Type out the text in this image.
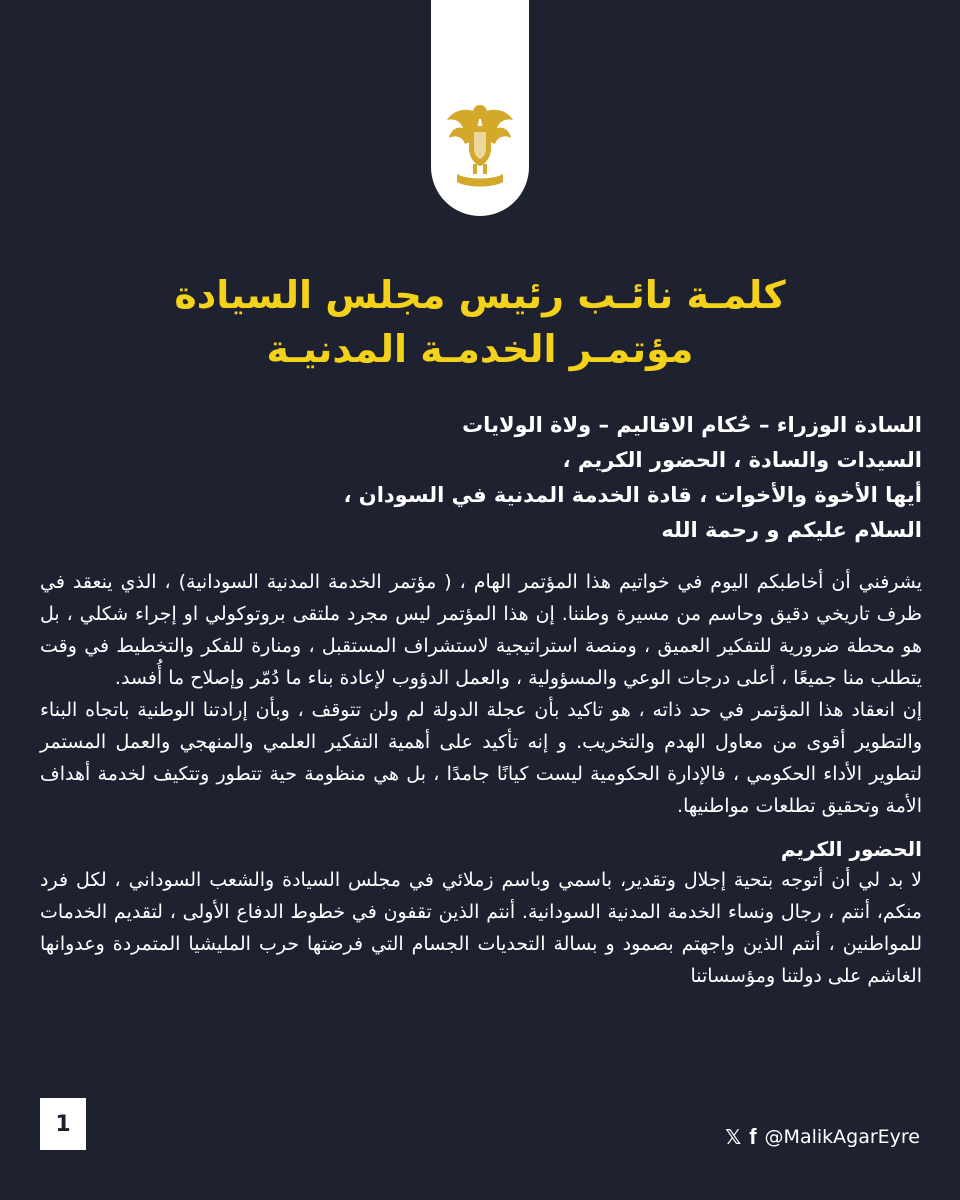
كلمـة نائـب رئيس مجلس السيادة
مؤتمـر الخدمـة المدنيـة
السادة الوزراء – حُكام الاقاليم – ولاة الولايات
السيدات والسادة ، الحضور الكريم ،
أيها الأخوة والأخوات ، قادة الخدمة المدنية في السودان ،
السلام عليكم و رحمة الله

يشرفني أن أخاطبكم اليوم في خواتيم هذا المؤتمر الهام ، ( مؤتمر الخدمة المدنية السودانية) ، الذي ينعقد في ظرف تاريخي دقيق وحاسم من مسيرة وطننا. إن هذا المؤتمر ليس مجرد ملتقى بروتوكولي او إجراء شكلي ، بل هو محطة ضرورية للتفكير العميق ، ومنصة استراتيجية لاستشراف المستقبل ، ومنارة للفكر والتخطيط في وقت يتطلب منا جميعًا ، أعلى درجات الوعي والمسؤولية ، والعمل الدؤوب لإعادة بناء ما دُمّر وإصلاح ما أُفسد.

إن انعقاد هذا المؤتمر في حد ذاته ، هو تاكيد بأن عجلة الدولة لم ولن تتوقف ، وبأن إرادتنا الوطنية باتجاه البناء والتطوير أقوى من معاول الهدم والتخريب. و إنه تأكيد على أهمية التفكير العلمي والمنهجي والعمل المستمر لتطوير الأداء الحكومي ، فالإدارة الحكومية ليست كيانًا جامدًا ، بل هي منظومة حية تتطور وتتكيف لخدمة أهداف الأمة وتحقيق تطلعات مواطنيها.

الحضور الكريم

لا بد لي أن أتوجه بتحية إجلال وتقدير، باسمي وباسم زملائي في مجلس السيادة والشعب السوداني ، لكل فرد منكم، أنتم ، رجال ونساء الخدمة المدنية السودانية. أنتم الذين تقفون في خطوط الدفاع الأولى ، لتقديم الخدمات للمواطنين ، أنتم الذين واجهتم بصمود و بسالة التحديات الجسام التي فرضتها حرب المليشيا المتمردة وعدوانها الغاشم على دولتنا ومؤسساتنا

1
𝕏 f @MalikAgarEyre
